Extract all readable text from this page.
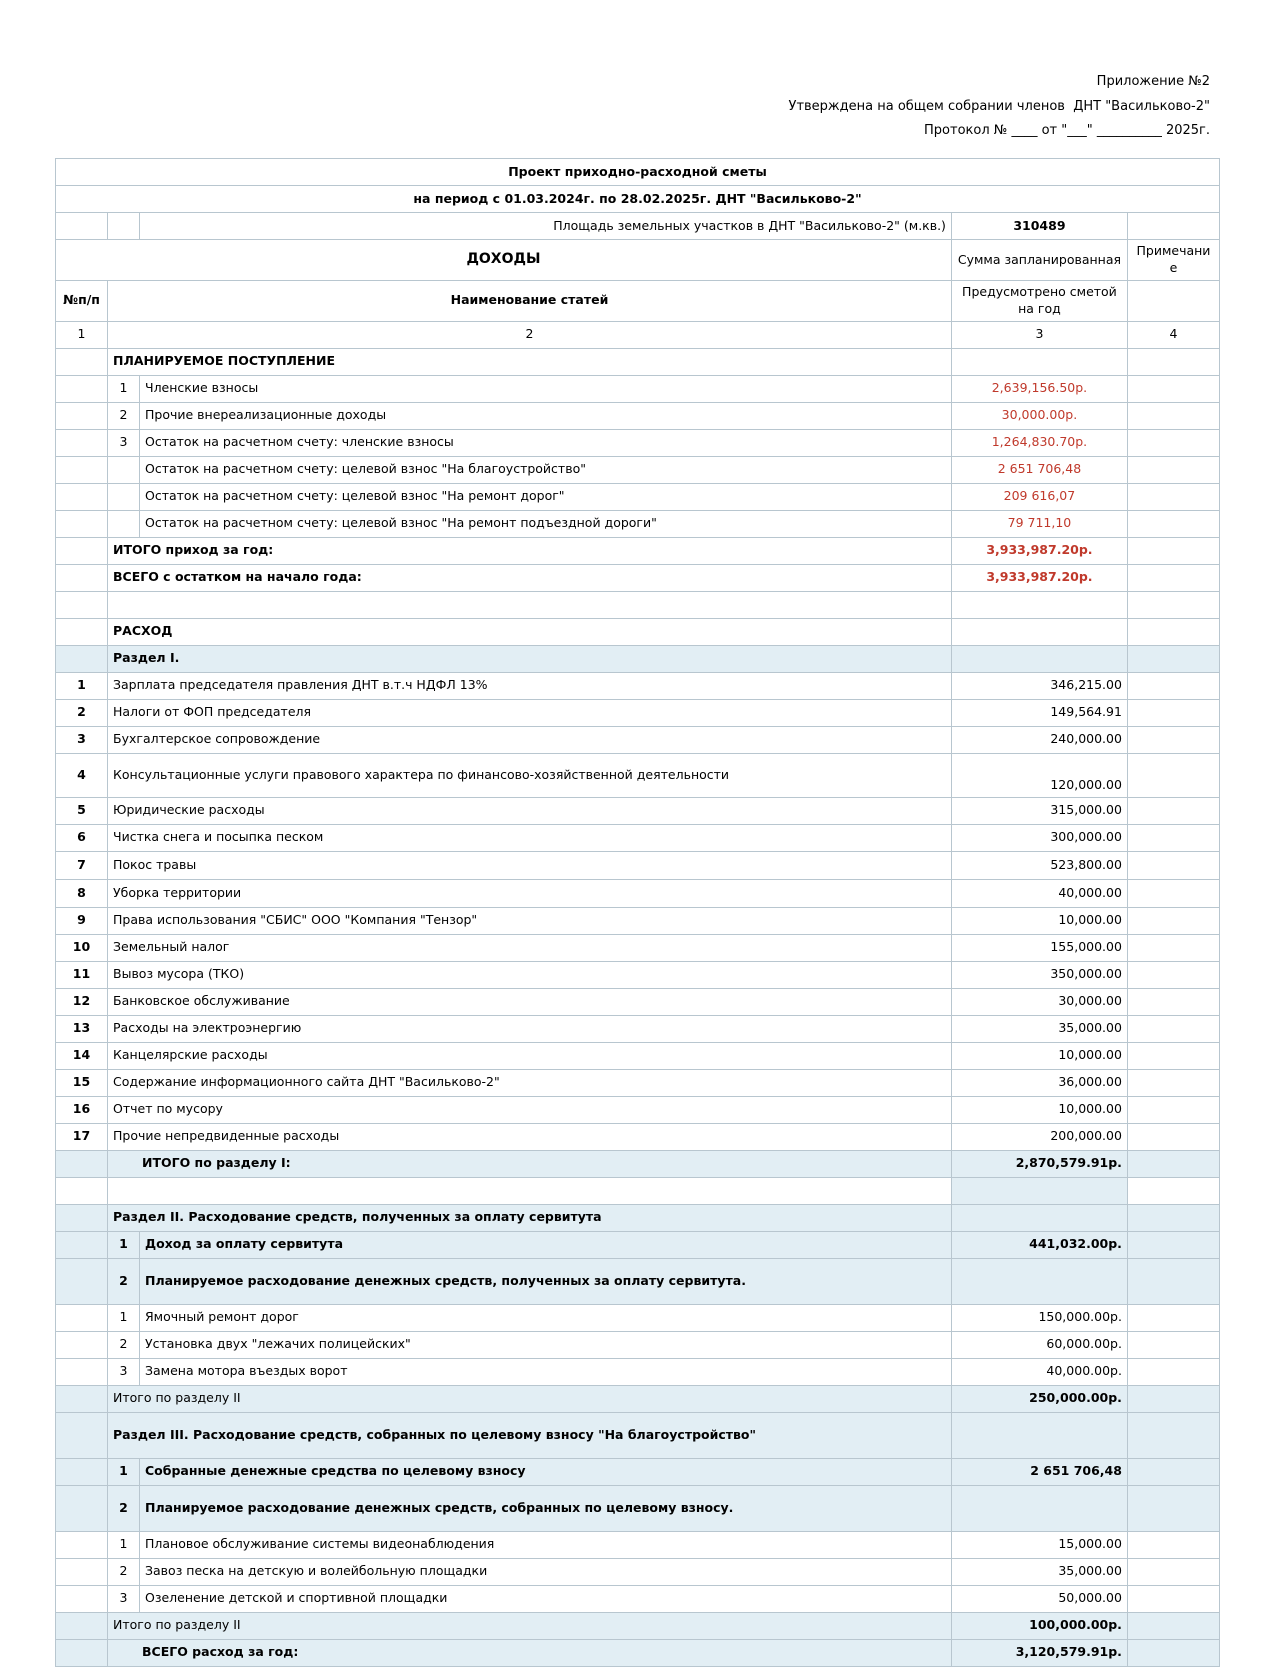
Приложение №2
Утверждена на общем собрании членов  ДНТ "Васильково-2"
Протокол № ____ от "___" __________ 2025г.
Проект приходно-расходной сметы				
на период с 01.03.2024г. по 28.02.2025г. ДНТ "Васильково-2"				
		Площадь земельных участков в ДНТ "Васильково-2" (м.кв.)	310489	
ДОХОДЫ			Сумма запланированная	Примечание
№п/п	Наименование статей		Предусмотрено сметой на год	
1	2		3	4
	ПЛАНИРУЕМОЕ ПОСТУПЛЕНИЕ			
	1	Членские взносы	2,639,156.50р.	
	2	Прочие внереализационные доходы	30,000.00р.	
	3	Остаток на расчетном счету: членские взносы	1,264,830.70р.	
		Остаток на расчетном счету: целевой взнос "На благоустройство"	2 651 706,48	
		Остаток на расчетном счету: целевой взнос "На ремонт дорог"	209 616,07	
		Остаток на расчетном счету: целевой взнос "На ремонт подъездной дороги"	79 711,10	
	ИТОГО приход за год:		3,933,987.20р.	
	ВСЕГО с остатком на начало года:		3,933,987.20р.	

	РАСХОД			
	Раздел I.			
1	Зарплата председателя правления ДНТ в.т.ч НДФЛ 13%		346,215.00	
2	Налоги от ФОП председателя		149,564.91	
3	Бухгалтерское сопровождение		240,000.00	
4	Консультационные услуги правового характера по финансово-хозяйственной деятельности		120,000.00	
5	Юридические расходы		315,000.00	
6	Чистка снега и посыпка песком		300,000.00	
7	Покос травы		523,800.00	
8	Уборка территории		40,000.00	
9	Права использования "СБИС" ООО "Компания "Тензор"		10,000.00	
10	Земельный налог		155,000.00	
11	Вывоз мусора (ТКО)		350,000.00	
12	Банковское обслуживание		30,000.00	
13	Расходы на электроэнергию		35,000.00	
14	Канцелярские расходы		10,000.00	
15	Содержание информационного сайта ДНТ "Васильково-2"		36,000.00	
16	Отчет по мусору		10,000.00	
17	Прочие непредвиденные расходы		200,000.00	
	ИТОГО по разделу I:		2,870,579.91р.	

	Раздел II. Расходование средств, полученных за оплату сервитута			
	1	Доход за оплату сервитута	441,032.00р.	
	2	Планируемое расходование денежных средств, полученных за оплату сервитута.		
	1	Ямочный ремонт дорог	150,000.00р.	
	2	Установка двух "лежачих полицейских"	60,000.00р.	
	3	Замена мотора въездых ворот	40,000.00р.	
	Итого по разделу II		250,000.00р.	
	Раздел III. Расходование средств, собранных по целевому взносу "На благоустройство"			
	1	Собранные денежные средства по целевому взносу	2 651 706,48	
	2	Планируемое расходование денежных средств, собранных по целевому взносу.		
	1	Плановое обслуживание системы видеонаблюдения	15,000.00	
	2	Завоз песка на детскую и волейбольную площадки	35,000.00	
	3	Озеленение детской и спортивной площадки	50,000.00	
	Итого по разделу II		100,000.00р.	
	ВСЕГО расход за год:		3,120,579.91р.	
